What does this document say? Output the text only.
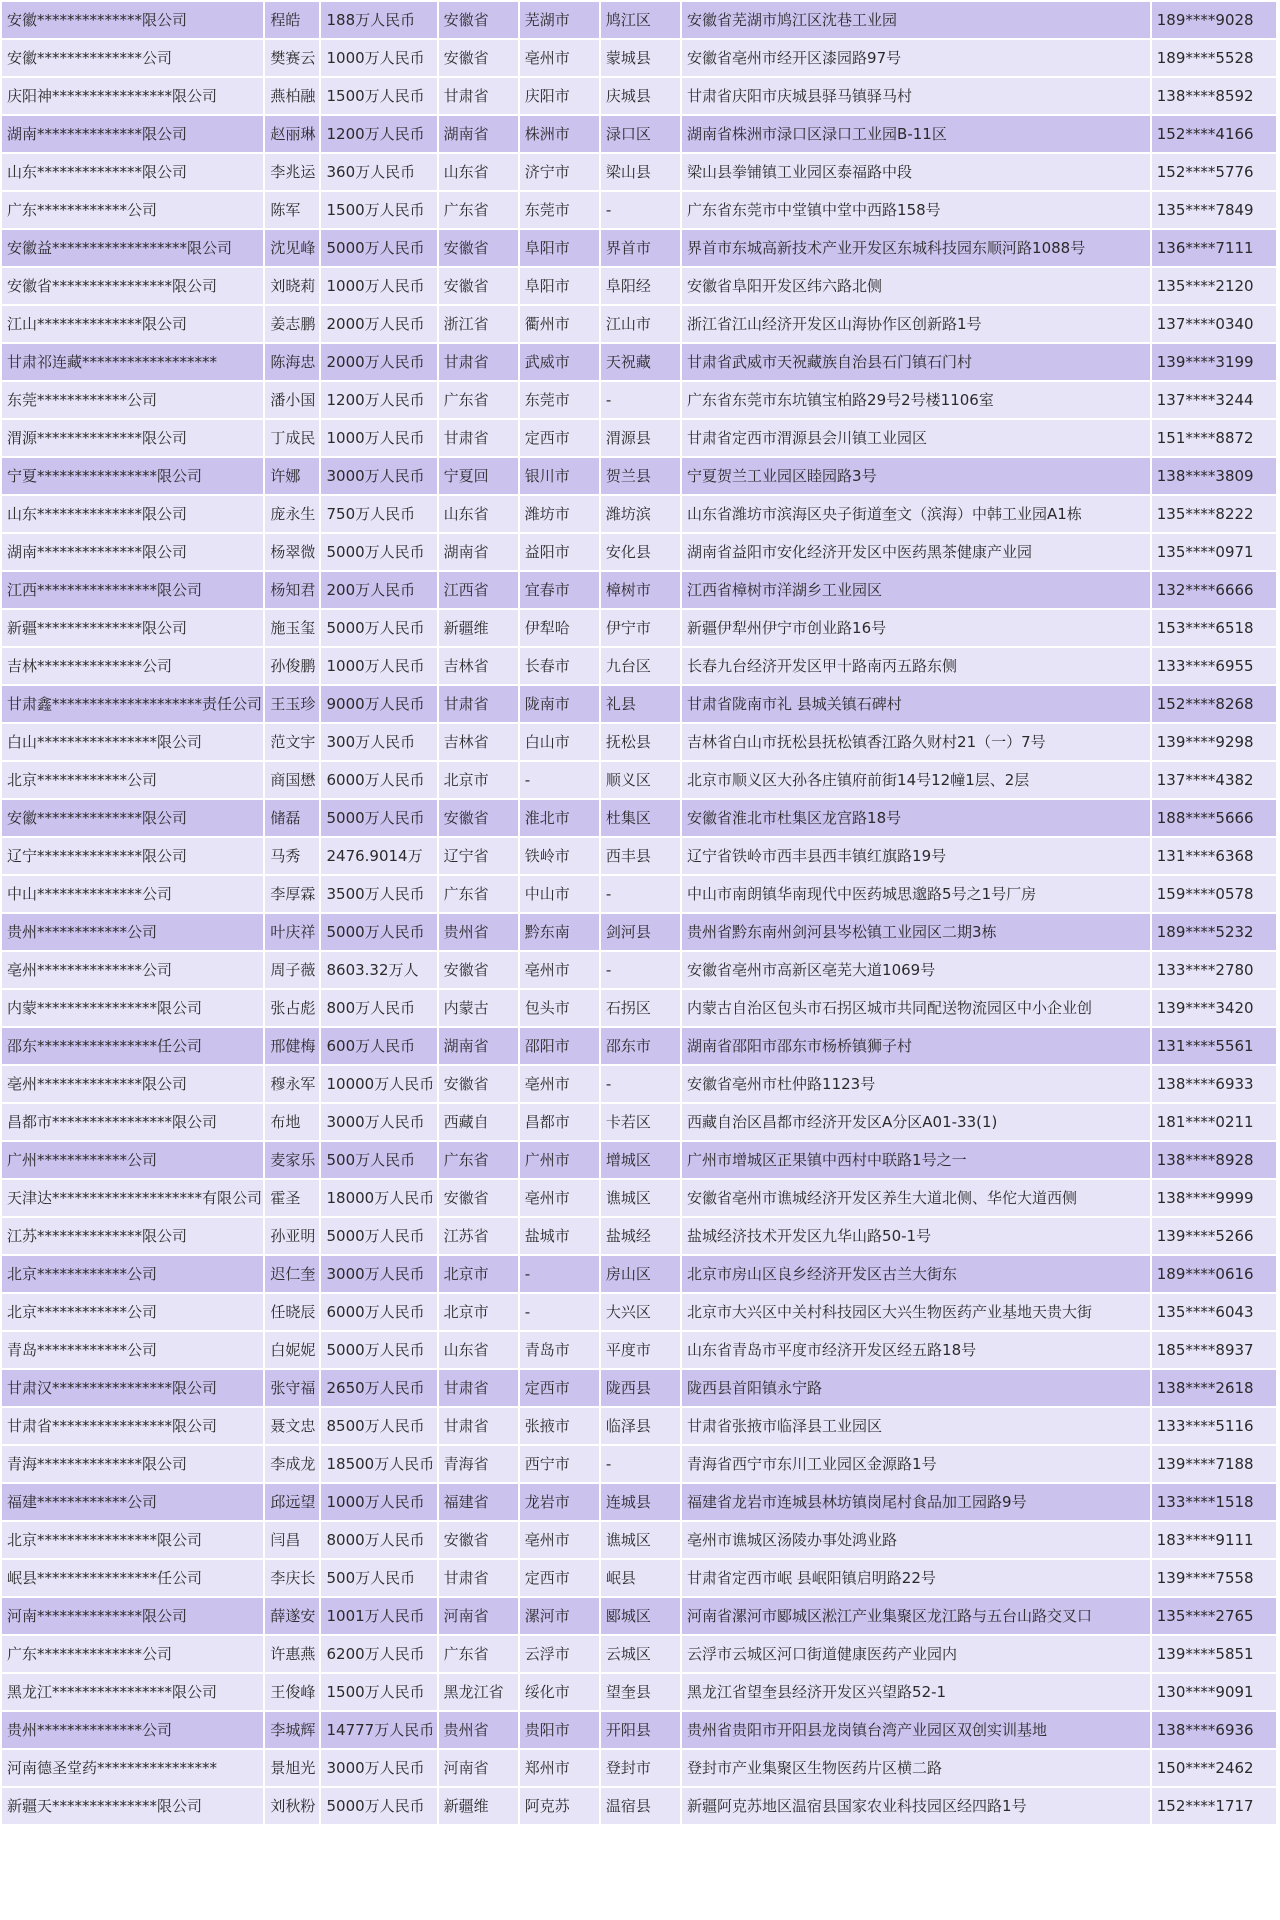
安徽**************限公司	程皓	188万人民币	安徽省	芜湖市	鸠江区	安徽省芜湖市鸠江区沈巷工业园	189****9028
安徽**************公司	樊赛云	1000万人民币	安徽省	亳州市	蒙城县	安徽省亳州市经开区漆园路97号	189****5528
庆阳神****************限公司	燕柏融	1500万人民币	甘肃省	庆阳市	庆城县	甘肃省庆阳市庆城县驿马镇驿马村	138****8592
湖南**************限公司	赵丽琳	1200万人民币	湖南省	株洲市	渌口区	湖南省株洲市渌口区渌口工业园B-11区	152****4166
山东**************限公司	李兆运	360万人民币	山东省	济宁市	梁山县	梁山县拳铺镇工业园区泰福路中段	152****5776
广东************公司	陈军	1500万人民币	广东省	东莞市	-	广东省东莞市中堂镇中堂中西路158号	135****7849
安徽益******************限公司	沈见峰	5000万人民币	安徽省	阜阳市	界首市	界首市东城高新技术产业开发区东城科技园东顺河路1088号	136****7111
安徽省****************限公司	刘晓莉	1000万人民币	安徽省	阜阳市	阜阳经	安徽省阜阳开发区纬六路北侧	135****2120
江山**************限公司	姜志鹏	2000万人民币	浙江省	衢州市	江山市	浙江省江山经济开发区山海协作区创新路1号	137****0340
甘肃祁连藏******************	陈海忠	2000万人民币	甘肃省	武威市	天祝藏	甘肃省武威市天祝藏族自治县石门镇石门村	139****3199
东莞************公司	潘小国	1200万人民币	广东省	东莞市	-	广东省东莞市东坑镇宝柏路29号2号楼1106室	137****3244
渭源**************限公司	丁成民	1000万人民币	甘肃省	定西市	渭源县	甘肃省定西市渭源县会川镇工业园区	151****8872
宁夏****************限公司	许娜	3000万人民币	宁夏回	银川市	贺兰县	宁夏贺兰工业园区睦园路3号	138****3809
山东**************限公司	庞永生	750万人民币	山东省	潍坊市	潍坊滨	山东省潍坊市滨海区央子街道奎文（滨海）中韩工业园A1栋	135****8222
湖南**************限公司	杨翠微	5000万人民币	湖南省	益阳市	安化县	湖南省益阳市安化经济开发区中医药黑茶健康产业园	135****0971
江西****************限公司	杨知君	200万人民币	江西省	宜春市	樟树市	江西省樟树市洋湖乡工业园区	132****6666
新疆**************限公司	施玉玺	5000万人民币	新疆维	伊犁哈	伊宁市	新疆伊犁州伊宁市创业路16号	153****6518
吉林**************公司	孙俊鹏	1000万人民币	吉林省	长春市	九台区	长春九台经济开发区甲十路南丙五路东侧	133****6955
甘肃鑫********************责任公司	王玉珍	9000万人民币	甘肃省	陇南市	礼县	甘肃省陇南市礼 县城关镇石碑村	152****8268
白山****************限公司	范文宇	300万人民币	吉林省	白山市	抚松县	吉林省白山市抚松县抚松镇香江路久财村21（一）7号	139****9298
北京************公司	商国懋	6000万人民币	北京市	-	顺义区	北京市顺义区大孙各庄镇府前街14号12幢1层、2层	137****4382
安徽**************限公司	储磊	5000万人民币	安徽省	淮北市	杜集区	安徽省淮北市杜集区龙宫路18号	188****5666
辽宁**************限公司	马秀	2476.9014万	辽宁省	铁岭市	西丰县	辽宁省铁岭市西丰县西丰镇红旗路19号	131****6368
中山**************公司	李厚霖	3500万人民币	广东省	中山市	-	中山市南朗镇华南现代中医药城思邈路5号之1号厂房	159****0578
贵州************公司	叶庆祥	5000万人民币	贵州省	黔东南	剑河县	贵州省黔东南州剑河县岑松镇工业园区二期3栋	189****5232
亳州**************公司	周子薇	8603.32万人	安徽省	亳州市	-	安徽省亳州市高新区亳芜大道1069号	133****2780
内蒙****************限公司	张占彪	800万人民币	内蒙古	包头市	石拐区	内蒙古自治区包头市石拐区城市共同配送物流园区中小企业创	139****3420
邵东****************任公司	邢健梅	600万人民币	湖南省	邵阳市	邵东市	湖南省邵阳市邵东市杨桥镇狮子村	131****5561
亳州**************限公司	穆永军	10000万人民币	安徽省	亳州市	-	安徽省亳州市杜仲路1123号	138****6933
昌都市****************限公司	布地	3000万人民币	西藏自	昌都市	卡若区	西藏自治区昌都市经济开发区A分区A01-33(1)	181****0211
广州************公司	麦家乐	500万人民币	广东省	广州市	增城区	广州市增城区正果镇中西村中联路1号之一	138****8928
天津达********************有限公司	霍圣	18000万人民币	安徽省	亳州市	谯城区	安徽省亳州市谯城经济开发区养生大道北侧、华佗大道西侧	138****9999
江苏**************限公司	孙亚明	5000万人民币	江苏省	盐城市	盐城经	盐城经济技术开发区九华山路50-1号	139****5266
北京************公司	迟仁奎	3000万人民币	北京市	-	房山区	北京市房山区良乡经济开发区古兰大街东	189****0616
北京************公司	任晓辰	6000万人民币	北京市	-	大兴区	北京市大兴区中关村科技园区大兴生物医药产业基地天贵大街	135****6043
青岛************公司	白妮妮	5000万人民币	山东省	青岛市	平度市	山东省青岛市平度市经济开发区经五路18号	185****8937
甘肃汉****************限公司	张守福	2650万人民币	甘肃省	定西市	陇西县	陇西县首阳镇永宁路	138****2618
甘肃省****************限公司	聂文忠	8500万人民币	甘肃省	张掖市	临泽县	甘肃省张掖市临泽县工业园区	133****5116
青海**************限公司	李成龙	18500万人民币	青海省	西宁市	-	青海省西宁市东川工业园区金源路1号	139****7188
福建************公司	邱远望	1000万人民币	福建省	龙岩市	连城县	福建省龙岩市连城县林坊镇岗尾村食品加工园路9号	133****1518
北京****************限公司	闫昌	8000万人民币	安徽省	亳州市	谯城区	亳州市谯城区汤陵办事处鸿业路	183****9111
岷县****************任公司	李庆长	500万人民币	甘肃省	定西市	岷县	甘肃省定西市岷 县岷阳镇启明路22号	139****7558
河南**************限公司	薛遂安	1001万人民币	河南省	漯河市	郾城区	河南省漯河市郾城区淞江产业集聚区龙江路与五台山路交叉口	135****2765
广东**************公司	许惠燕	6200万人民币	广东省	云浮市	云城区	云浮市云城区河口街道健康医药产业园内	139****5851
黑龙江****************限公司	王俊峰	1500万人民币	黑龙江省	绥化市	望奎县	黑龙江省望奎县经济开发区兴望路52-1	130****9091
贵州**************公司	李城辉	14777万人民币	贵州省	贵阳市	开阳县	贵州省贵阳市开阳县龙岗镇台湾产业园区双创实训基地	138****6936
河南德圣堂药****************	景旭光	3000万人民币	河南省	郑州市	登封市	登封市产业集聚区生物医药片区横二路	150****2462
新疆天**************限公司	刘秋粉	5000万人民币	新疆维	阿克苏	温宿县	新疆阿克苏地区温宿县国家农业科技园区经四路1号	152****1717
